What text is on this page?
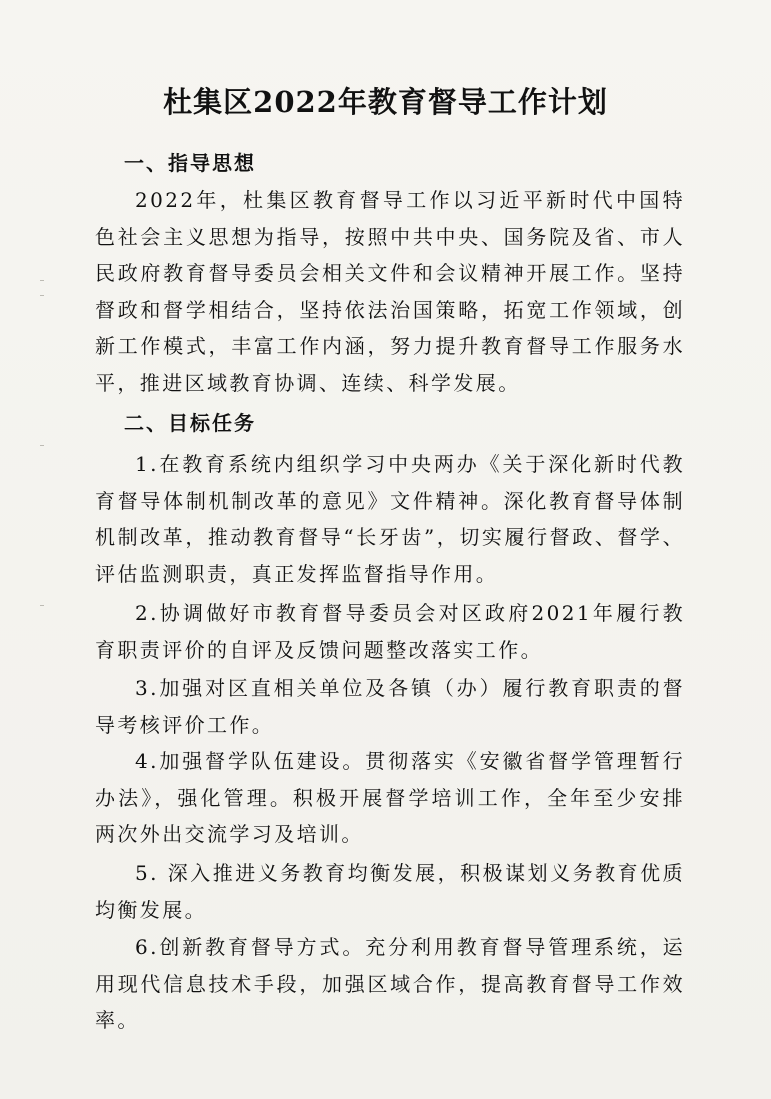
杜集区2022年教育督导工作计划
一、指导思想

2022年，杜集区教育督导工作以习近平新时代中国特色社会主义思想为指导，按照中共中央、国务院及省、市人民政府教育督导委员会相关文件和会议精神开展工作。坚持督政和督学相结合，坚持依法治国策略，拓宽工作领域，创新工作模式，丰富工作内涵，努力提升教育督导工作服务水平，推进区域教育协调、连续、科学发展。

二、目标任务

1.在教育系统内组织学习中央两办《关于深化新时代教育督导体制机制改革的意见》文件精神。深化教育督导体制机制改革，推动教育督导“长牙齿”，切实履行督政、督学、评估监测职责，真正发挥监督指导作用。

2.协调做好市教育督导委员会对区政府2021年履行教育职责评价的自评及反馈问题整改落实工作。

3.加强对区直相关单位及各镇（办）履行教育职责的督导考核评价工作。

4.加强督学队伍建设。贯彻落实《安徽省督学管理暂行办法》，强化管理。积极开展督学培训工作，全年至少安排两次外出交流学习及培训。

5. 深入推进义务教育均衡发展，积极谋划义务教育优质均衡发展。

6.创新教育督导方式。充分利用教育督导管理系统，运用现代信息技术手段，加强区域合作，提高教育督导工作效率。
